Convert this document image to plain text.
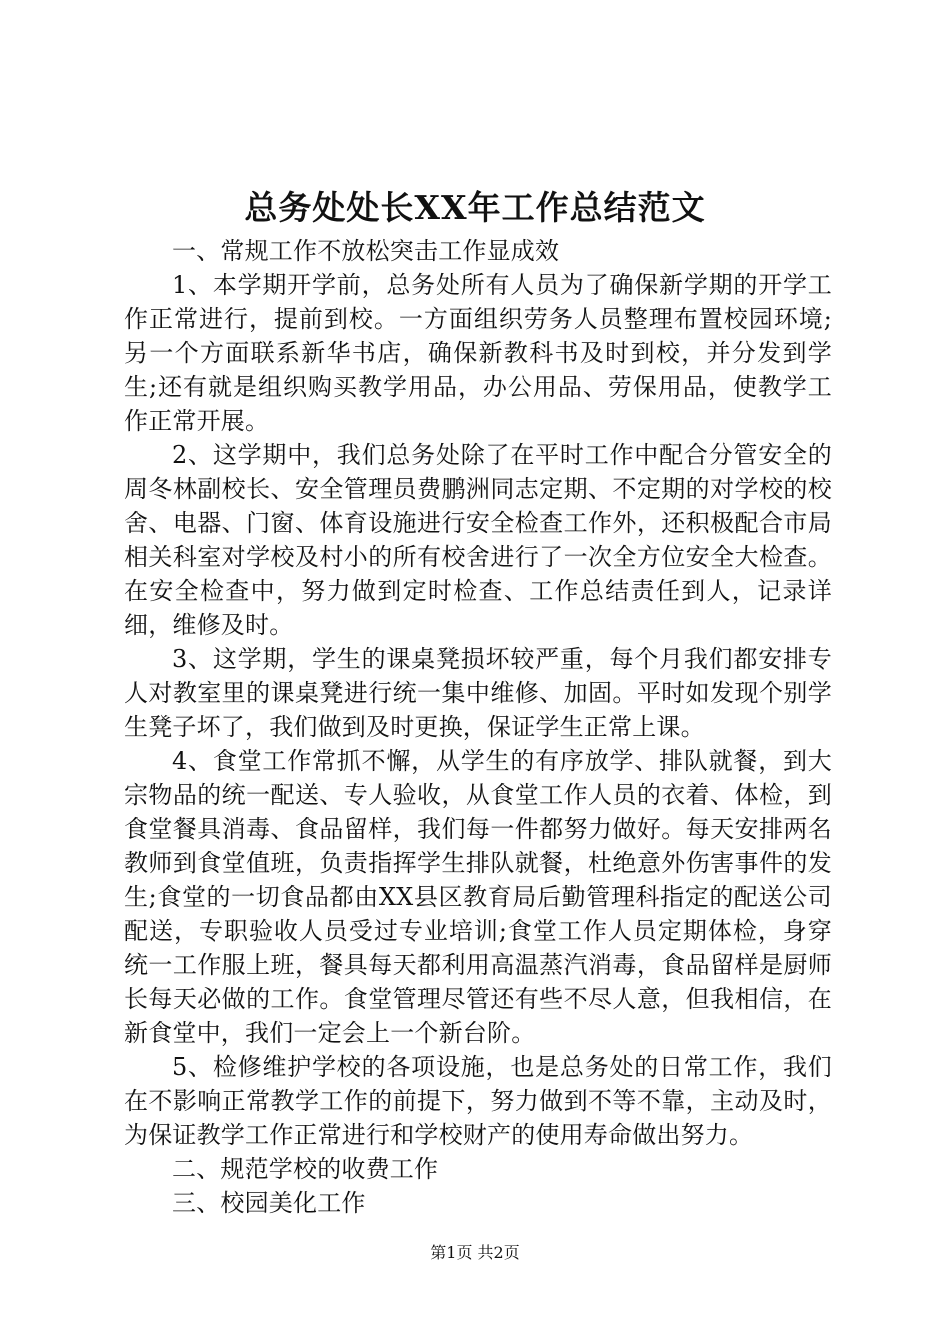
总务处处长XX年工作总结范文

一、常规工作不放松突击工作显成效

1、本学期开学前，总务处所有人员为了确保新学期的开学工作正常进行，提前到校。一方面组织劳务人员整理布置校园环境;另一个方面联系新华书店，确保新教科书及时到校，并分发到学生;还有就是组织购买教学用品，办公用品、劳保用品，使教学工作正常开展。

2、这学期中，我们总务处除了在平时工作中配合分管安全的周冬林副校长、安全管理员费鹏洲同志定期、不定期的对学校的校舍、电器、门窗、体育设施进行安全检查工作外，还积极配合市局相关科室对学校及村小的所有校舍进行了一次全方位安全大检查。在安全检查中，努力做到定时检查、工作总结责任到人，记录详细，维修及时。

3、这学期，学生的课桌凳损坏较严重，每个月我们都安排专人对教室里的课桌凳进行统一集中维修、加固。平时如发现个别学生凳子坏了，我们做到及时更换，保证学生正常上课。

4、食堂工作常抓不懈，从学生的有序放学、排队就餐，到大宗物品的统一配送、专人验收，从食堂工作人员的衣着、体检，到食堂餐具消毒、食品留样，我们每一件都努力做好。每天安排两名教师到食堂值班，负责指挥学生排队就餐，杜绝意外伤害事件的发生;食堂的一切食品都由XX县区教育局后勤管理科指定的配送公司配送，专职验收人员受过专业培训;食堂工作人员定期体检，身穿统一工作服上班，餐具每天都利用高温蒸汽消毒，食品留样是厨师长每天必做的工作。食堂管理尽管还有些不尽人意，但我相信，在新食堂中，我们一定会上一个新台阶。

5、检修维护学校的各项设施，也是总务处的日常工作，我们在不影响正常教学工作的前提下，努力做到不等不靠，主动及时，为保证教学工作正常进行和学校财产的使用寿命做出努力。

二、规范学校的收费工作

三、校园美化工作

第1页 共2页
